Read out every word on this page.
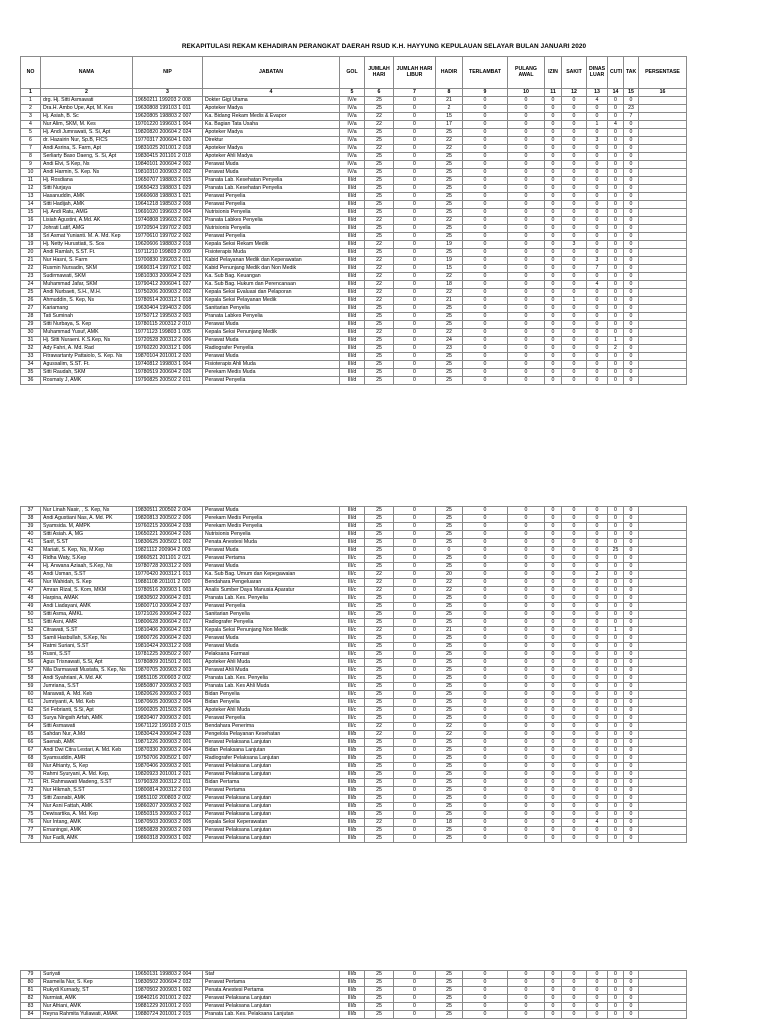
REKAPITULASI REKAM KEHADIRAN PERANGKAT DAERAH RSUD K.H. HAYYUNG KEPULAUAN SELAYAR BULAN JANUARI 2020
NO	NAMA	NIP	JABATAN	GOL	JUMLAH HARI	JUMLAH HARI LIBUR	HADIR	TERLAMBAT	PULANG AWAL	IZIN	SAKIT	DINAS LUAR	CUTI	TAK	PERSENTASE
1	2	3	4	5	6	7	8	9	10	11	12	13	14	15	16
1	drg. Hj. Sitti Asmawati	19650211 199203 2 008	Dokter Gigi Utama	IV/e	25	0	21	0	0	0	0	4	0	0	
2	Dra.H. Ambo Upe, Apt, M. Kes	19630808 199103 1 011	Apoteker Madya	IV/a	25	0	2	0	0	0	0	0	0	23	
3	Hj. Asiah, B. Sc	19620805 198803 2 007	Ka. Bidang Rekam Medis & Evapor	IV/a	22	0	15	0	0	0	0	0	0	7	
4	Nur Alim, SKM, M. Kes	19701220 199603 1 004	Ka. Bagian Tata Usaha	IV/a	22	0	17	0	0	0	0	1	4	0	
5	Hj. Andi Jumrawati, S. Si, Apt	19820820 200604 2 024	Apoteker Madya	IV/a	25	0	25	0	0	0	0	0	0	0	
6	dr. Hazairin Nur, Sp.B, FICS	19770317 200604 1 020	Direktur	IV/a	25	0	22	0	0	0	0	3	0	0	
7	Andi Asrina, S. Farm, Apt	19831025 201001 2 018	Apoteker Madya	IV/a	22	0	22	0	0	0	0	0	0	0	
8	Serliarty Baso Daeng, S. Si, Apt	19830415 201101 2 018	Apoteker Ahli Madya	IV/a	25	0	25	0	0	0	0	0	0	0	
9	Andi Elvi, S Kep, Ns	19840101 200604 2 002	Perawat Muda	IV/a	25	0	25	0	0	0	0	0	0	0	
10	Andi Harmin, S. Kep. Ns	19810310 200903 2 002	Perawat Muda	IV/a	25	0	25	0	0	0	0	0	0	0	
11	Hj. Rosdiana	19650707 198803 2 015	Pranata Lab. Kesehatan Penyelia	III/d	25	0	25	0	0	0	0	0	0	0	
12	Sitti Nurjaya	19650423 198803 1 029	Pranata Lab. Kesehatan Penyelia	III/d	25	0	25	0	0	0	0	0	0	0	
13	Hasanuddin, AMK	19660608 198803 1 021	Perawat Penyelia	III/d	25	0	25	0	0	0	0	0	0	0	
14	Sitti Hadijah, AMK	19641218 198503 2 008	Perawat Penyelia	III/d	25	0	25	0	0	0	0	0	0	0	
15	Hj. Andi Ratu, AMG	19691020 199603 2 004	Nutrisionis Penyelia	III/d	25	0	25	0	0	0	0	0	0	0	
16	Lisiah Agustini, A.Md. AK	19740808 199603 2 002	Pranata Labkes Penyelia	III/d	22	0	22	0	0	0	0	0	0	0	
17	Johrati Latif, AMG	19720504 199702 2 003	Nutrisionis Penyelia	III/d	25	0	25	0	0	0	0	0	0	0	
18	Sri Asmat Yunianti. M. A. Md. Kep	19770610 199702 2 002	Perawat Penyelia	III/d	25	0	25	0	0	0	0	0	0	0	
19	Hj. Netty Hurustiati, S. Sos	19620606 198803 2 018	Kepala Seksi Rekam Medik	III/d	22	0	19	0	0	0	3	0	0	0	
20	Andi Ramlah, S.ST. Ft.	19711210 199803 2 009	Fisioterapis Muda	III/d	25	0	25	0	0	0	0	0	0	0	
21	Nur Hasni, S. Farm	19700830 199203 2 011	Kabid Pelayanan Medik dan Keperawatan	III/d	22	0	19	0	0	0	0	3	0	0	
22	Rusmin Nursadin, SKM	19690314 199702 1 002	Kabid Penunjang Medik dan Non Medik	III/d	22	0	15	0	0	0	0	7	0	0	
23	Sudirmawati, SKM	19810303 200604 2 029	Ka. Sub Bag. Keuangan	III/d	22	0	22	0	0	0	0	0	0	0	
24	Muhammad Jafar, SKM	19790412 200604 1 027	Ka. Sub Bag. Hukum dan Perencanaan	III/d	22	0	18	0	0	0	0	4	0	0	
25	Andi Nurbaeti, S.H., M.H.	19750206 200903 2 002	Kepala Seksi Evaluasi dan Pelaporan	III/d	22	0	22	0	0	0	0	0	0	0	
26	Ahmuddin, S. Kep, Ns	19780514 200312 1 018	Kepala Seksi Pelayanan Medik	III/d	22	0	21	0	0	0	1	0	0	0	
27	Kariamang	19630404 199403 2 006	Sanitarian Penyelia	III/d	25	0	25	0	0	0	0	0	0	0	
28	Tati Suminah	19750712 199503 2 003	Pranata Labkes Penyelia	III/d	25	0	25	0	0	0	0	0	0	0	
29	Sitti Nurbaya, S. Kep	19780115 200312 2 010	Perawat Muda	III/d	25	0	25	0	0	0	0	0	0	0	
30	Muhammad Yusuf, AMK	19771123 199803 1 005	Kepala Seksi Penunjang Medik	III/d	22	0	22	0	0	0	0	0	0	0	
31	Hj. Sitti Nuraeni. K.S.Kep, Ns	19720528 200312 2 006	Perawat Muda	III/d	25	0	24	0	0	0	0	0	1	0	
32	Ady Fahri, A. Md. Rad	19760220 200312 1 006	Radiografer Penyelia	III/d	25	0	23	0	0	0	0	0	2	0	
33	Fitrawartanty Pattaiolo, S. Kep. Ns	19870104 201001 2 020	Perawat Muda	III/d	25	0	25	0	0	0	0	0	0	0	
34	Agussalim, S.ST. Ft.	19740812 199803 1 004	Fisioterapis Ahli Muda	III/d	25	0	25	0	0	0	0	0	0	0	
35	Sitti Raudah, SKM	19780519 200604 2 026	Perekam Medis Muda	III/d	25	0	25	0	0	0	0	0	0	0	
36	Rosmaty J, AMK	19790825 200502 2 011	Perawat Penyelia	III/d	25	0	25	0	0	0	0	0	0	0	
37	Nur Linah Nasir, , S. Kep, Ns	19830511 200502 2 004	Perawat Muda	III/d	25	0	25	0	0	0	0	0	0	0	
38	Andi Agustiani Nas, A. Md. PK	19820813 200502 2 006	Perekam Medis Penyelia	III/d	25	0	25	0	0	0	0	0	0	0	
39	Syamsida. M, AMPK	19760215 200604 2 038	Perekam Medis Penyelia	III/d	25	0	25	0	0	0	0	0	0	0	
40	Sitti Asiah. A, MG	19650221 200604 2 026	Nutrisionis Penyelia	III/d	25	0	25	0	0	0	0	0	0	0	
41	Sarif, S.ST	19830625 200502 1 002	Penata Anestesi Muda	III/d	25	0	25	0	0	0	0	0	0	0	
42	Mariati, S. Kep, Ns, M.Kep	19821112 200904 2 003	Perawat Muda	III/d	25	0	0	0	0	0	0	0	25	0	
43	Ridha Waty, S.Kep	19860521 201101 2 021	Perawat Pertama	III/c	25	0	25	0	0	0	0	0	0	0	
44	Hj. Anwana Aziaah, S.Kep, Ns	19780728 200312 2 009	Perawat Muda	III/c	25	0	25	0	0	0	0	0	0	0	
45	Andi Usman, S.ST	19770420 200312 1 013	Ka. Sub Bag. Umum dan Kepegawaian	III/c	22	0	20	0	0	0	0	2	0	0	
46	Nur Wahidah, S. Kep	19881108 201101 2 020	Bendahara Pengeluaran	III/c	22	0	22	0	0	0	0	0	0	0	
47	Amran Rizal, S. Kom, MKM	19780516 200903 1 003	Analis Sumber Daya Manusia Aparatur	III/c	22	0	22	0	0	0	0	0	0	0	
48	Harpina, AMAK	19830502 200604 2 031	Pranata Lab. Kes. Penyelia	III/c	25	0	25	0	0	0	0	0	0	0	
49	Andi Liadayani, AMK	19800710 200604 2 037	Perawat Penyelia	III/c	25	0	25	0	0	0	0	0	0	0	
50	Sitti Asma, AMKL	19721026 200604 2 022	Sanitarian Penyelia	III/c	25	0	25	0	0	0	0	0	0	0	
51	Sitti Asni, AMR	19800628 200604 2 017	Radiografer Penyelia	III/c	25	0	25	0	0	0	0	0	0	0	
52	Citrawati, S.ST	19810406 200604 2 033	Kepala Seksi Penunjang Non Medik	III/c	22	0	21	0	0	0	0	0	1	0	
53	Samli Hasbullah, S.Kep, Ns	19800726 200604 2 020	Perawat Muda	III/c	25	0	25	0	0	0	0	0	0	0	
54	Ratmi Suriani, S.ST	19810424 200312 2 008	Perawat Muda	III/c	25	0	25	0	0	0	0	0	0	0	
55	Rusni, S.ST	19781225 200502 2 007	Pelaksana Farmasi	III/c	25	0	25	0	0	0	0	0	0	0	
56	Agus Trisnawati, S.Si, Apt	19780809 201501 2 001	Apoteker Ahli Muda	III/c	25	0	25	0	0	0	0	0	0	0	
57	Nila Darmawati Mustafa, S. Kep, Ns	19870705 200903 2 003	Perawat Ahli Muda	III/c	25	0	25	0	0	0	0	0	0	0	
58	Andi Syahriani, A. Md. AK	19851105 200903 2 002	Pranata Lab. Kes. Penyelia	III/c	25	0	25	0	0	0	0	0	0	0	
59	Jumriana, S.ST	19850807 200903 2 003	Pranata Lab. Kes Ahli Muda	III/c	25	0	25	0	0	0	0	0	0	0	
60	Marawati, A. Md. Keb	19820626 200903 2 003	Bidan Penyelia	III/c	25	0	25	0	0	0	0	0	0	0	
61	Jumriyanti, A. Md. Keb	19870605 200903 2 004	Bidan Penyelia	III/c	25	0	25	0	0	0	0	0	0	0	
62	Sri Febrianti, S.Si, Apt	19900205 201503 2 005	Apoteker Ahli Muda	III/c	25	0	25	0	0	0	0	0	0	0	
63	Surya Ningsih Arfah, AMK	19820407 200903 2 001	Perawat Penyelia	III/c	25	0	25	0	0	0	0	0	0	0	
64	Sitti Asmawati	19671122 199103 2 015	Bendahara Penerima	III/c	22	0	22	0	0	0	0	0	0	0	
65	Sahdan Nur, A.Md	19830424 200604 2 028	Pengelola Pelayanan Kesehatan	III/b	22	0	22	0	0	0	0	0	0	0	
66	Saenab, AMK	19871226 200903 2 001	Perawat Pelaksana Lanjutan	III/b	25	0	25	0	0	0	0	0	0	0	
67	Andi Dwi Citra Lestari, A. Md. Keb	19870330 200903 2 004	Bidan Pelaksana Lanjutan	III/b	25	0	25	0	0	0	0	0	0	0	
68	Syamsuddin, AMR	19750706 200502 1 007	Radiografer Pelaksana Lanjutan	III/b	25	0	25	0	0	0	0	0	0	0	
69	Nur Afrianty, S, Kep	19870406 200903 2 001	Perawat Pelaksana Lanjutan	III/b	25	0	25	0	0	0	0	0	0	0	
70	Rahmi Syuryani, A. Md. Kep,	19820923 201001 2 021	Perawat Pelaksana Lanjutan	III/b	25	0	25	0	0	0	0	0	0	0	
71	Rt. Rahmawati Madeng, S.ST	19790328 200312 2 011	Bidan Pertama	III/b	25	0	25	0	0	0	0	0	0	0	
72	Nur Hikmah, S.ST	19800814 200312 2 010	Perawat Pertama	III/b	25	0	25	0	0	0	0	0	0	0	
73	Sitti Zasnabi, AMK	19851102 200803 2 002	Perawat Pelaksana Lanjutan	III/b	25	0	25	0	0	0	0	0	0	0	
74	Nur Asni Fattah, AMK	19860207 200903 2 002	Perawat Pelaksana Lanjutan	III/b	25	0	25	0	0	0	0	0	0	0	
75	Dewisartika, A. Md. Kep	19850315 200903 2 012	Perawat Pelaksana Lanjutan	III/b	25	0	25	0	0	0	0	0	0	0	
76	Nur Intang, AMK	19870503 200903 2 005	Kepala Seksi Keperawatan	III/b	22	0	18	0	0	0	0	4	0	0	
77	Ernaningsi, AMK	19850828 200903 2 009	Perawat Pelaksana Lanjutan	III/b	25	0	25	0	0	0	0	0	0	0	
78	Nur Fadli, AMK	19860318 200903 1 002	Perawat Pelaksana Lanjutan	III/b	25	0	25	0	0	0	0	0	0	0	
79	Suriyati	19650131 199803 2 004	Staf	III/b	25	0	25	0	0	0	0	0	0	0	
80	Rasmeila Nur, S. Kep	19830502 200604 2 032	Perawat Pertama	III/b	25	0	25	0	0	0	0	0	0	0	
81	Rukydi Kurnady, ST	19870502 200903 1 002	Penata Anestesi Pertama	III/b	25	0	25	0	0	0	0	0	0	0	
82	Nurmiati, AMK	19840216 201001 2 022	Perawat Pelaksana Lanjutan	III/b	25	0	25	0	0	0	0	0	0	0	
83	Nur Afriani, AMK	19881229 201001 2 010	Perawat Pelaksana Lanjutan	III/b	25	0	25	0	0	0	0	0	0	0	
84	Reyna Rahmita Yuliawati, AMAK	19880724 201001 2 015	Pranata Lab. Kes. Pelaksana Lanjutan	III/b	25	0	25	0	0	0	0	0	0	0	
